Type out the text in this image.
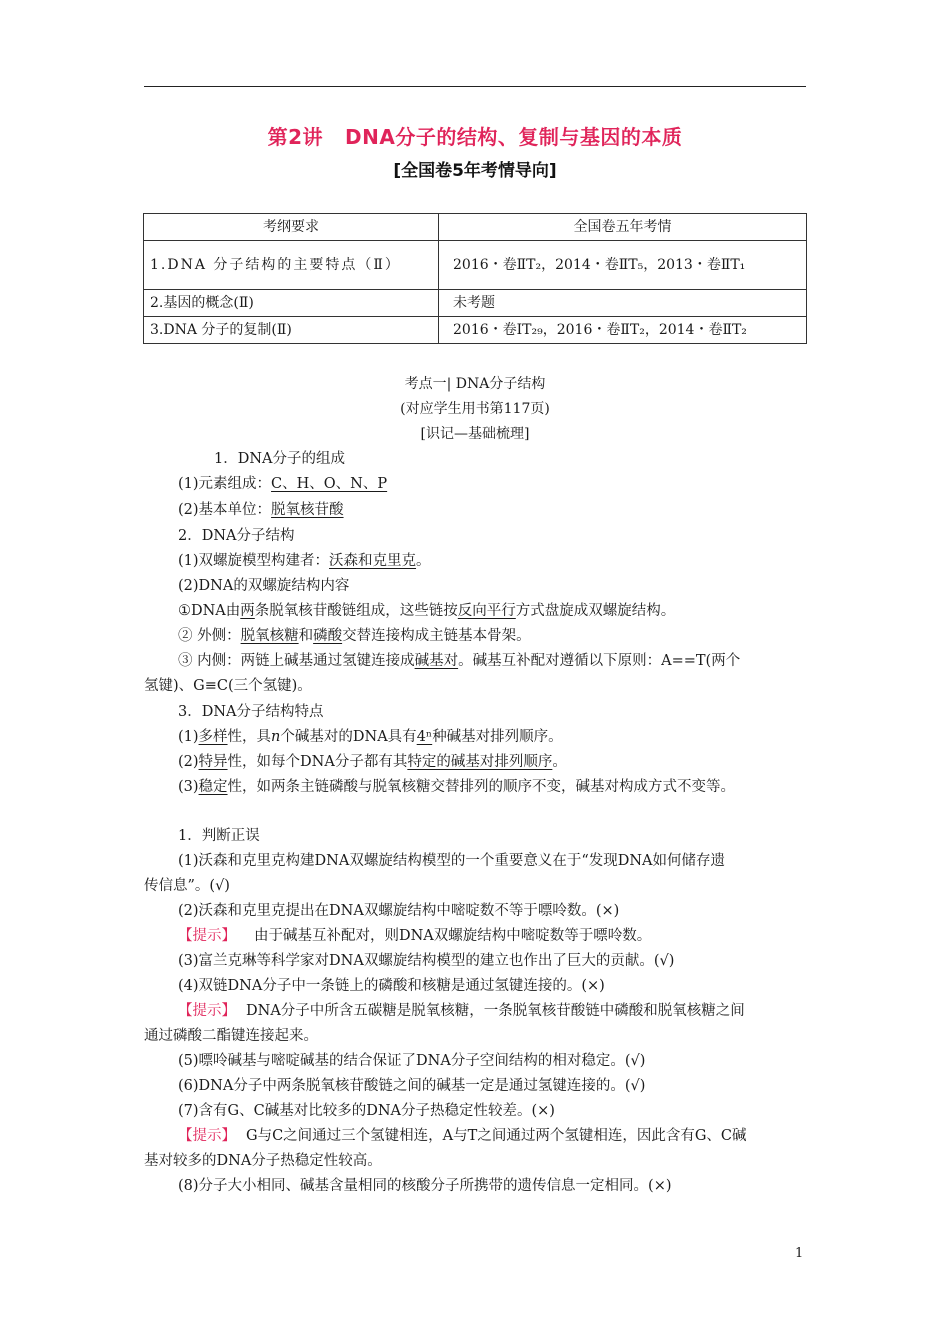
第2讲 DNA分子的结构、复制与基因的本质
[全国卷5年考情导向]
考纲要求	全国卷五年考情
1.DNA 分子结构的主要特点（Ⅱ）	2016・卷ⅡT₂，2014・卷ⅡT₅，2013・卷ⅡT₁
2.基因的概念(Ⅱ)	未考题
3.DNA 分子的复制(Ⅱ)	2016・卷ⅠT₂₉，2016・卷ⅡT₂，2014・卷ⅡT₂
考点一| DNA分子结构
(对应学生用书第117页)
[识记—基础梳理]
1．DNA分子的组成
(1)元素组成：C、H、O、N、P
(2)基本单位：脱氧核苷酸
2．DNA分子结构
(1)双螺旋模型构建者：沃森和克里克。
(2)DNA的双螺旋结构内容
①DNA由两条脱氧核苷酸链组成，这些链按反向平行方式盘旋成双螺旋结构。
② 外侧：脱氧核糖和磷酸交替连接构成主链基本骨架。
③ 内侧：两链上碱基通过氢键连接成碱基对。碱基互补配对遵循以下原则：A==T(两个
氢键)、G≡C(三个氢键)。
3．DNA分子结构特点
(1)多样性，具n个碱基对的DNA具有4ⁿ种碱基对排列顺序。
(2)特异性，如每个DNA分子都有其特定的碱基对排列顺序。
(3)稳定性，如两条主链磷酸与脱氧核糖交替排列的顺序不变，碱基对构成方式不变等。
1．判断正误
(1)沃森和克里克构建DNA双螺旋结构模型的一个重要意义在于“发现DNA如何储存遗
传信息”。(√)
(2)沃森和克里克提出在DNA双螺旋结构中嘧啶数不等于嘌呤数。(×)
【提示】 由于碱基互补配对，则DNA双螺旋结构中嘧啶数等于嘌呤数。
(3)富兰克琳等科学家对DNA双螺旋结构模型的建立也作出了巨大的贡献。(√)
(4)双链DNA分子中一条链上的磷酸和核糖是通过氢键连接的。(×)
【提示】 DNA分子中所含五碳糖是脱氧核糖，一条脱氧核苷酸链中磷酸和脱氧核糖之间
通过磷酸二酯键连接起来。
(5)嘌呤碱基与嘧啶碱基的结合保证了DNA分子空间结构的相对稳定。(√)
(6)DNA分子中两条脱氧核苷酸链之间的碱基一定是通过氢键连接的。(√)
(7)含有G、C碱基对比较多的DNA分子热稳定性较差。(×)
【提示】 G与C之间通过三个氢键相连，A与T之间通过两个氢键相连，因此含有G、C碱
基对较多的DNA分子热稳定性较高。
(8)分子大小相同、碱基含量相同的核酸分子所携带的遗传信息一定相同。(×)
1
